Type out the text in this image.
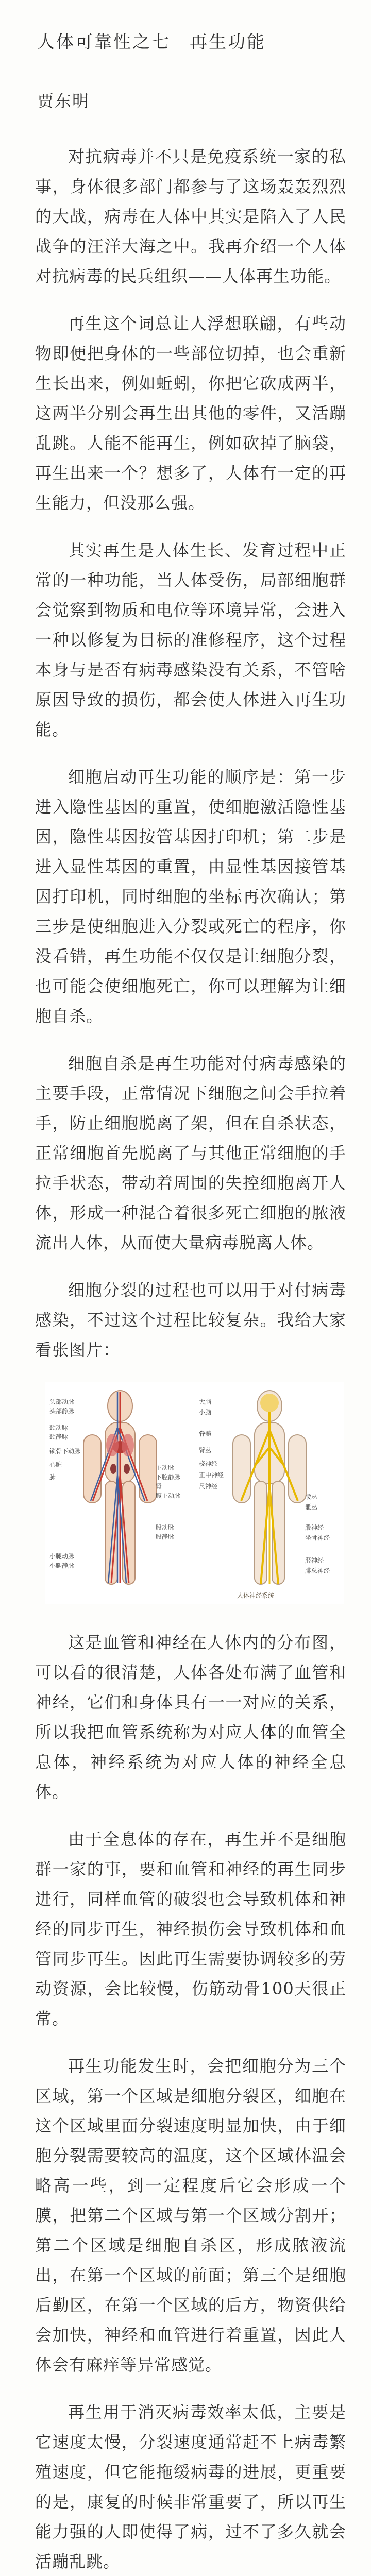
人体可靠性之七　再生功能
贾东明

对抗病毒并不只是免疫系统一家的私事，身体很多部门都参与了这场轰轰烈烈的大战，病毒在人体中其实是陷入了人民战争的汪洋大海之中。我再介绍一个人体对抗病毒的民兵组织——人体再生功能。

再生这个词总让人浮想联翩，有些动物即便把身体的一些部位切掉，也会重新生长出来，例如蚯蚓，你把它砍成两半，这两半分别会再生出其他的零件，又活蹦乱跳。人能不能再生，例如砍掉了脑袋，再生出来一个？想多了，人体有一定的再生能力，但没那么强。

其实再生是人体生长、发育过程中正常的一种功能，当人体受伤，局部细胞群会觉察到物质和电位等环境异常，会进入一种以修复为目标的准修程序，这个过程本身与是否有病毒感染没有关系，不管啥原因导致的损伤，都会使人体进入再生功能。

细胞启动再生功能的顺序是：第一步进入隐性基因的重置，使细胞激活隐性基因，隐性基因按管基因打印机；第二步是进入显性基因的重置，由显性基因接管基因打印机，同时细胞的坐标再次确认；第三步是使细胞进入分裂或死亡的程序，你没看错，再生功能不仅仅是让细胞分裂，也可能会使细胞死亡，你可以理解为让细胞自杀。

细胞自杀是再生功能对付病毒感染的主要手段，正常情况下细胞之间会手拉着手，防止细胞脱离了架，但在自杀状态，正常细胞首先脱离了与其他正常细胞的手拉手状态，带动着周围的失控细胞离开人体，形成一种混合着很多死亡细胞的脓液流出人体，从而使大量病毒脱离人体。

细胞分裂的过程也可以用于对付病毒感染，不过这个过程比较复杂。我给大家看张图片：

头部动脉
头部静脉
颈动脉
颈静脉
锁骨下动脉
心脏
肺
主动脉
下腔静脉
肾
腹主动脉
股动脉
股静脉
小腿动脉
小腿静脉
大脑
小脑
脊髓
臂丛
桡神经
正中神经
尺神经
腰丛
骶丛
股神经
坐骨神经
胫神经
腓总神经
人体神经系统

这是血管和神经在人体内的分布图，可以看的很清楚，人体各处布满了血管和神经，它们和身体具有一一对应的关系，所以我把血管系统称为对应人体的血管全息体，神经系统为对应人体的神经全息体。

由于全息体的存在，再生并不是细胞群一家的事，要和血管和神经的再生同步进行，同样血管的破裂也会导致机体和神经的同步再生，神经损伤会导致机体和血管同步再生。因此再生需要协调较多的劳动资源，会比较慢，伤筋动骨100天很正常。

再生功能发生时，会把细胞分为三个区域，第一个区域是细胞分裂区，细胞在这个区域里面分裂速度明显加快，由于细胞分裂需要较高的温度，这个区域体温会略高一些，到一定程度后它会形成一个膜，把第二个区域与第一个区域分割开；第二个区域是细胞自杀区，形成脓液流出，在第一个区域的前面；第三个是细胞后勤区，在第一个区域的后方，物资供给会加快，神经和血管进行着重置，因此人体会有麻痒等异常感觉。

再生用于消灭病毒效率太低，主要是它速度太慢，分裂速度通常赶不上病毒繁殖速度，但它能拖缓病毒的进展，更重要的是，康复的时候非常重要了，所以再生能力强的人即使得了病，过不了多久就会活蹦乱跳。
